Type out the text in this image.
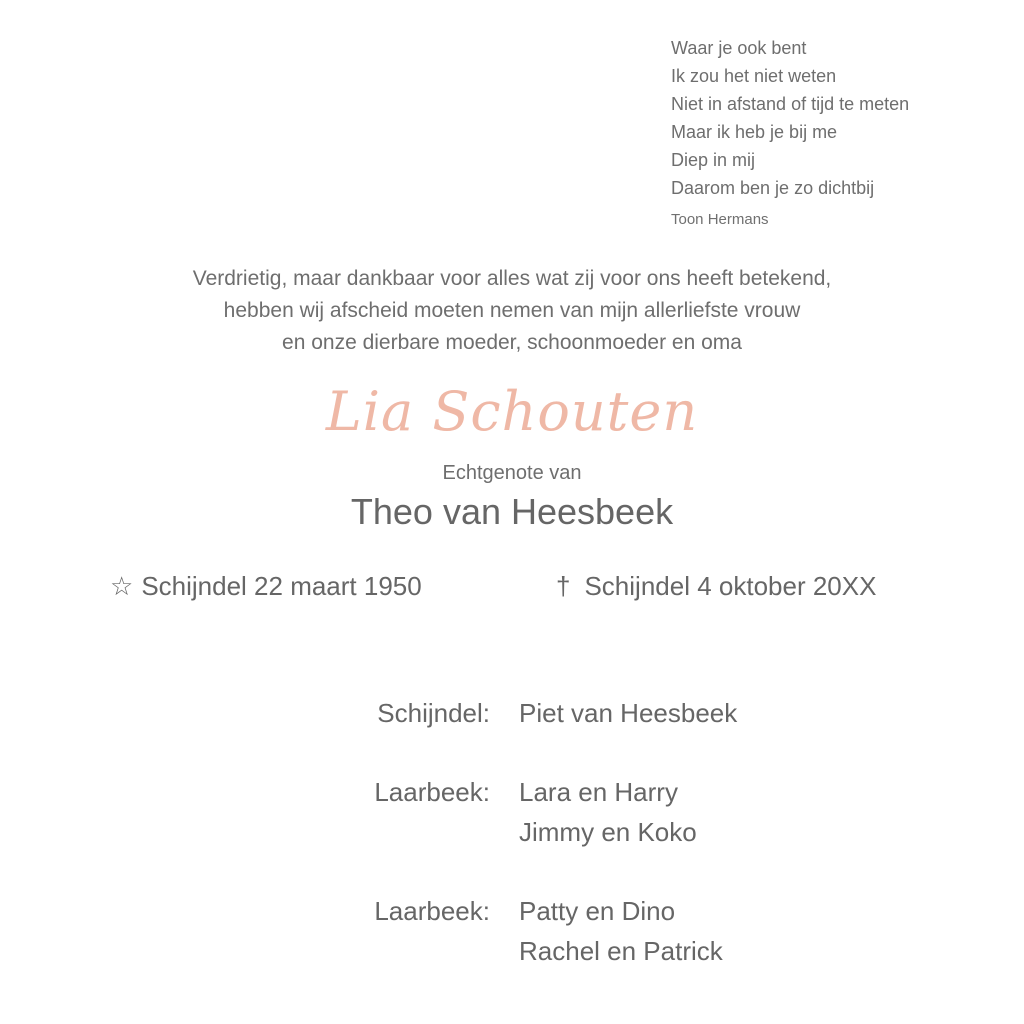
Waar je ook bent
Ik zou het niet weten
Niet in afstand of tijd te meten
Maar ik heb je bij me
Diep in mij
Daarom ben je zo dichtbij
Toon Hermans
Verdrietig, maar dankbaar voor alles wat zij voor ons heeft betekend,
hebben wij afscheid moeten nemen van mijn allerliefste vrouw
en onze dierbare moeder, schoonmoeder en oma
Lia Schouten
Echtgenote van
Theo van Heesbeek
☆ Schijndel 22 maart 1950	† Schijndel 4 oktober 20XX
Schijndel: Piet van Heesbeek
Laarbeek: Lara en Harry
Jimmy en Koko
Laarbeek: Patty en Dino
Rachel en Patrick
